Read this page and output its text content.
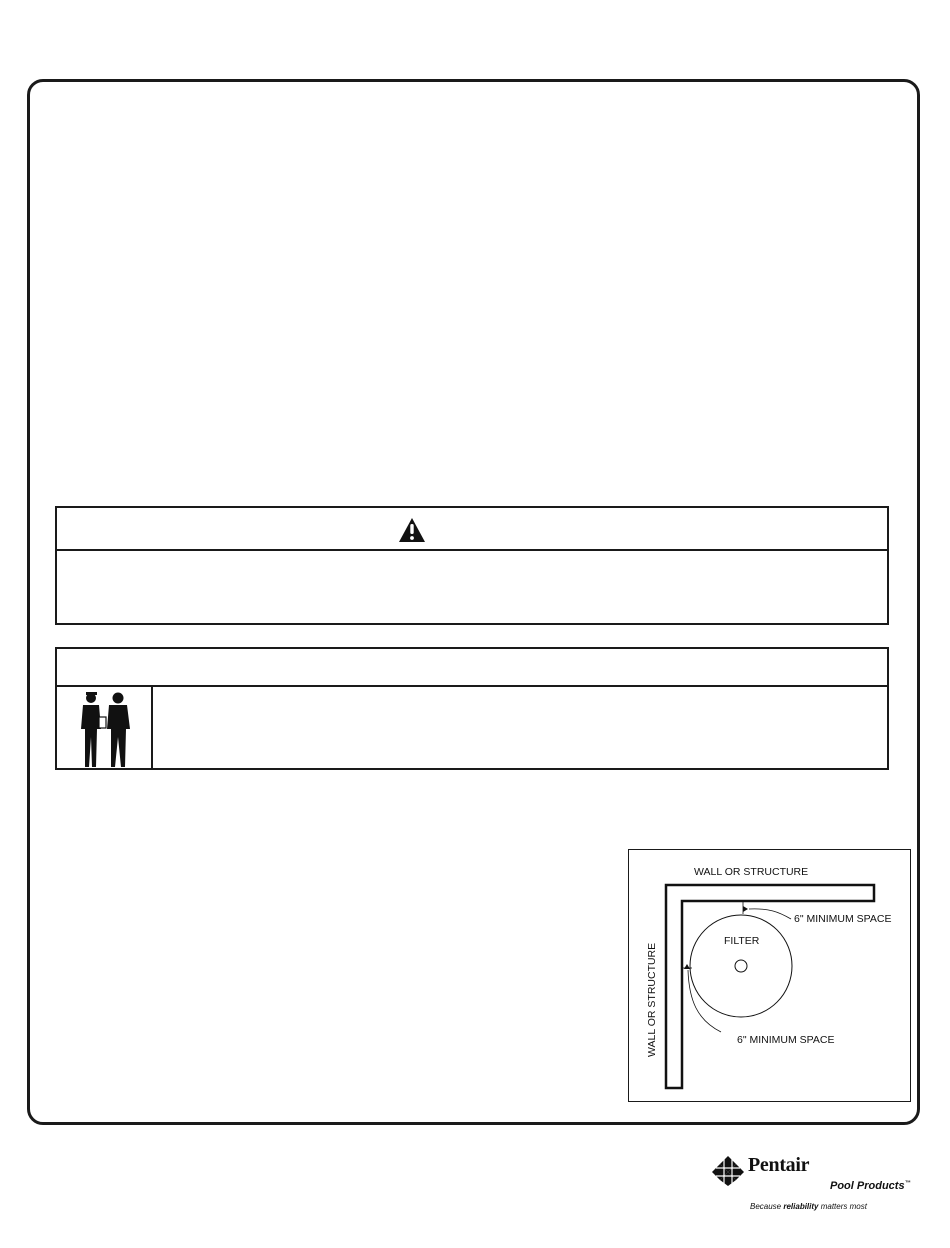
WALL OR STRUCTURE
WALL OR STRUCTURE
FILTER
6" MINIMUM SPACE
6" MINIMUM SPACE
Pentair
Pool Products™
Because reliability matters most
